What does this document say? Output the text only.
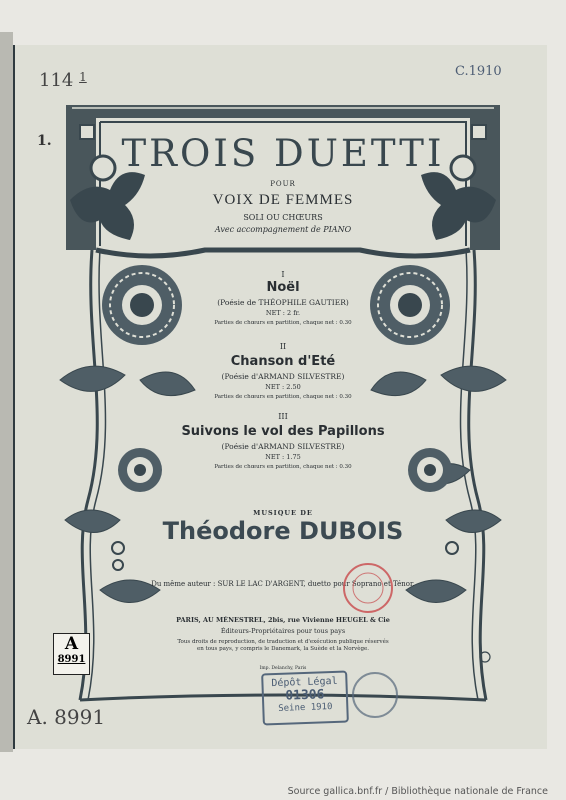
114 $^1$	C.1910
1.	TROIS DUETTI
POUR
VOIX DE FEMMES
SOLI OU CHŒURS
Avec accompagnement de PIANO
I
Noël
(Poésie de THÉOPHILE GAUTIER)
NET : 2 fr.
Parties de chœurs en partition, chaque net : 0.30
II
Chanson d'Eté
(Poésie d'ARMAND SILVESTRE)
NET : 2.50
Parties de chœurs en partition, chaque net : 0.30
III
Suivons le vol des Papillons
(Poésie d'ARMAND SILVESTRE)
NET : 1.75
Parties de chœurs en partition, chaque net : 0.30
MUSIQUE DE
Théodore DUBOIS
Du même auteur : SUR LE LAC D'ARGENT, duetto pour Soprano et Ténor.
PARIS, AU MÉNESTREL, 2bis, rue Vivienne HEUGEL & Cie
Éditeurs-Propriétaires pour tous pays
Tous droits de reproduction, de traduction et d'exécution publique réservés
en tous pays, y compris le Danemark, la Suède et la Norvège.
Imp. Delanchy, Paris
A
8991
A. 8991
Dépôt Légal
01306
Seine 1910
Source gallica.bnf.fr / Bibliothèque nationale de France
